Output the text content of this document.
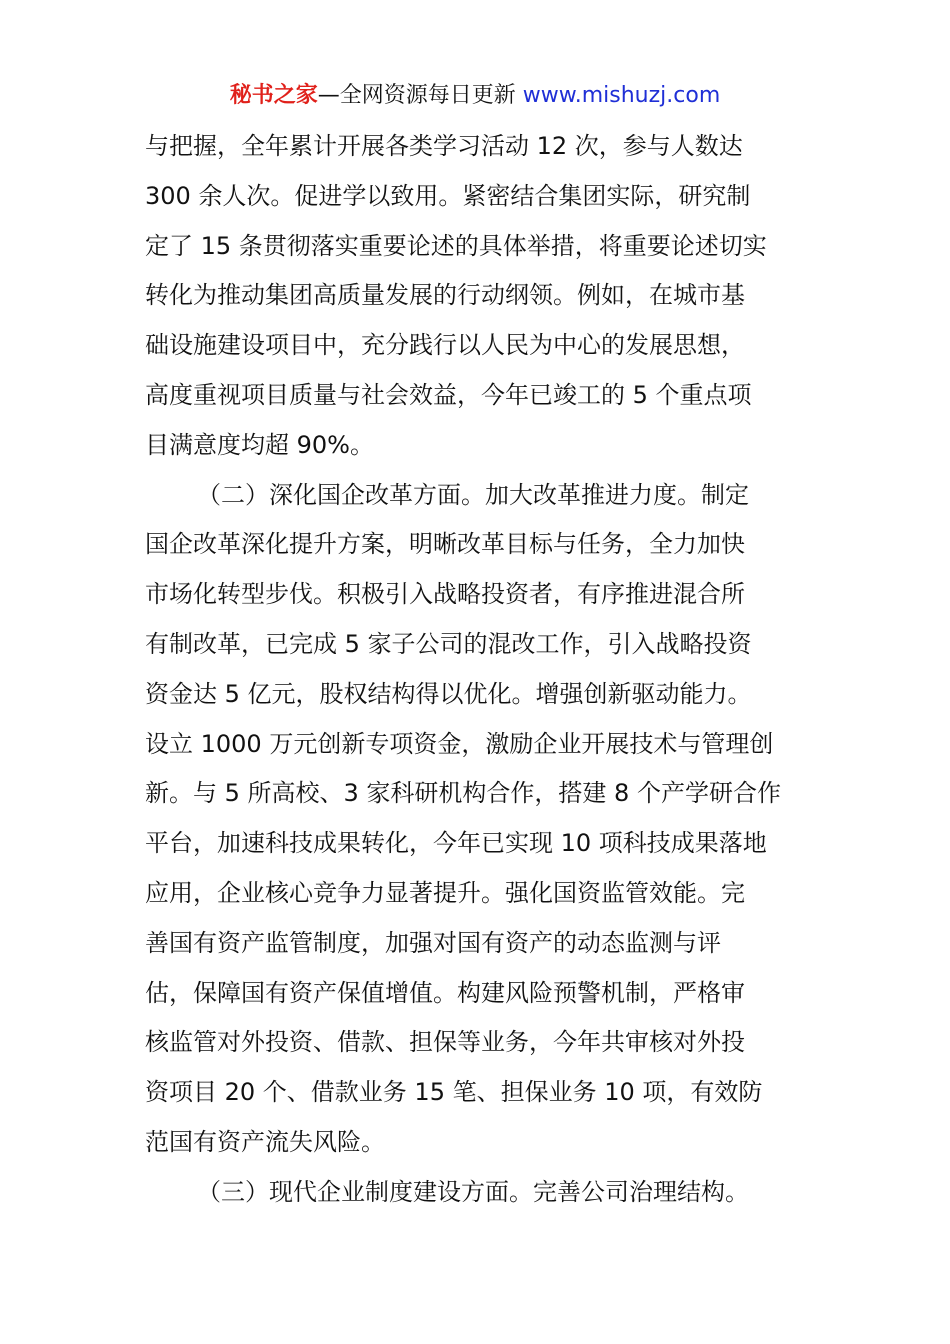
秘书之家—全网资源每日更新 www.mishuzj.com
与把握，全年累计开展各类学习活动 12 次，参与人数达
300 余人次。促进学以致用。紧密结合集团实际，研究制
定了 15 条贯彻落实重要论述的具体举措，将重要论述切实
转化为推动集团高质量发展的行动纲领。例如，在城市基
础设施建设项目中，充分践行以人民为中心的发展思想，
高度重视项目质量与社会效益，今年已竣工的 5 个重点项
目满意度均超 90%。
（二）深化国企改革方面。加大改革推进力度。制定
国企改革深化提升方案，明晰改革目标与任务，全力加快
市场化转型步伐。积极引入战略投资者，有序推进混合所
有制改革，已完成 5 家子公司的混改工作，引入战略投资
资金达 5 亿元，股权结构得以优化。增强创新驱动能力。
设立 1000 万元创新专项资金，激励企业开展技术与管理创
新。与 5 所高校、3 家科研机构合作，搭建 8 个产学研合作
平台，加速科技成果转化，今年已实现 10 项科技成果落地
应用，企业核心竞争力显著提升。强化国资监管效能。完
善国有资产监管制度，加强对国有资产的动态监测与评
估，保障国有资产保值增值。构建风险预警机制，严格审
核监管对外投资、借款、担保等业务，今年共审核对外投
资项目 20 个、借款业务 15 笔、担保业务 10 项，有效防
范国有资产流失风险。
（三）现代企业制度建设方面。完善公司治理结构。
